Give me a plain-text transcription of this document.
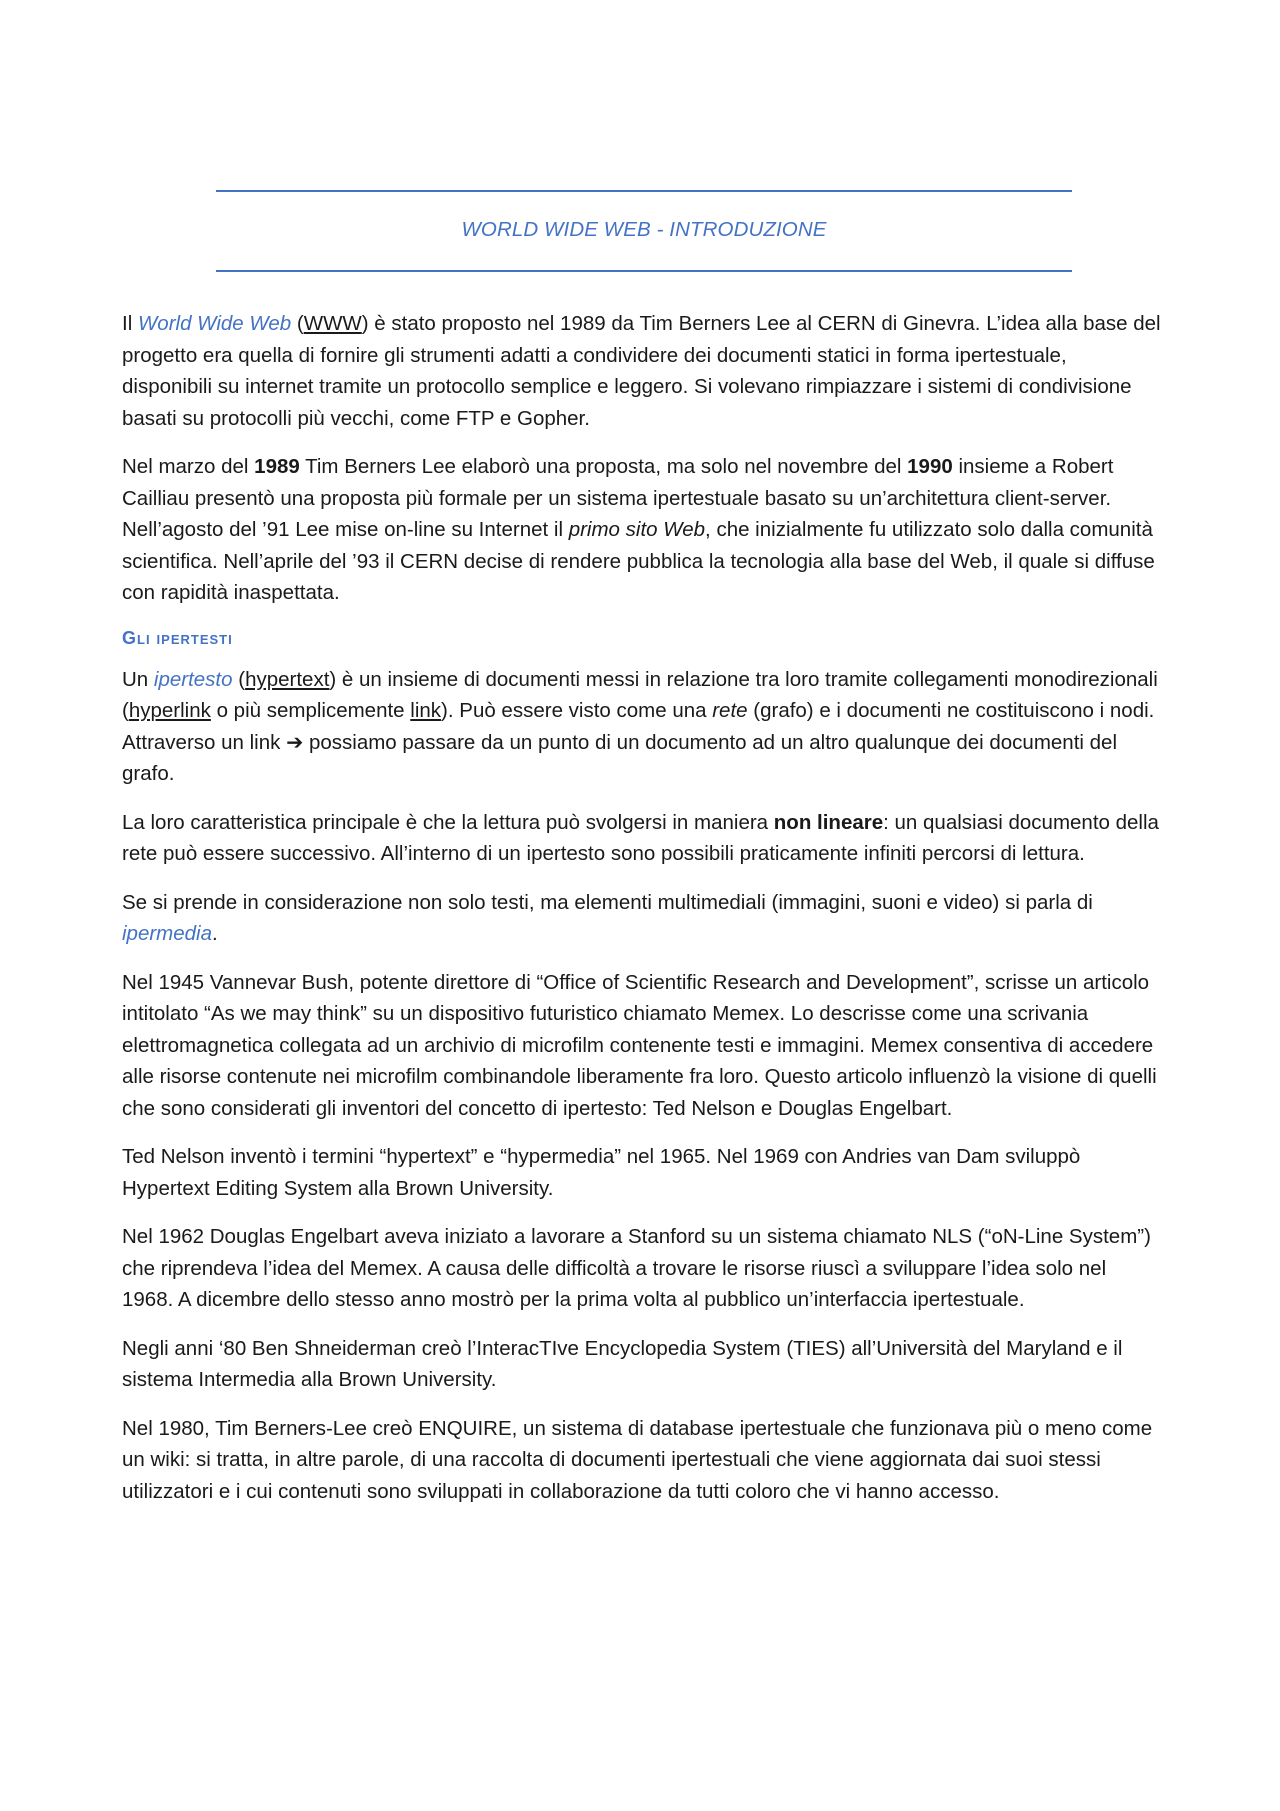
WORLD WIDE WEB - INTRODUZIONE

Il World Wide Web (WWW) è stato proposto nel 1989 da Tim Berners Lee al CERN di Ginevra. L’idea alla base del progetto era quella di fornire gli strumenti adatti a condividere dei documenti statici in forma ipertestuale, disponibili su internet tramite un protocollo semplice e leggero. Si volevano rimpiazzare i sistemi di condivisione basati su protocolli più vecchi, come FTP e Gopher.

Nel marzo del 1989 Tim Berners Lee elaborò una proposta, ma solo nel novembre del 1990 insieme a Robert Cailliau presentò una proposta più formale per un sistema ipertestuale basato su un’architettura client-server. Nell’agosto del ’91 Lee mise on-line su Internet il primo sito Web, che inizialmente fu utilizzato solo dalla comunità scientifica. Nell’aprile del ’93 il CERN decise di rendere pubblica la tecnologia alla base del Web, il quale si diffuse con rapidità inaspettata.

Gli ipertesti

Un ipertesto (hypertext) è un insieme di documenti messi in relazione tra loro tramite collegamenti monodirezionali (hyperlink o più semplicemente link). Può essere visto come una rete (grafo) e i documenti ne costituiscono i nodi. Attraverso un link ➔ possiamo passare da un punto di un documento ad un altro qualunque dei documenti del grafo.

La loro caratteristica principale è che la lettura può svolgersi in maniera non lineare: un qualsiasi documento della rete può essere successivo. All’interno di un ipertesto sono possibili praticamente infiniti percorsi di lettura.

Se si prende in considerazione non solo testi, ma elementi multimediali (immagini, suoni e video) si parla di ipermedia.

Nel 1945 Vannevar Bush, potente direttore di “Office of Scientific Research and Development”, scrisse un articolo intitolato “As we may think” su un dispositivo futuristico chiamato Memex. Lo descrisse come una scrivania elettromagnetica collegata ad un archivio di microfilm contenente testi e immagini. Memex consentiva di accedere alle risorse contenute nei microfilm combinandole liberamente fra loro. Questo articolo influenzò la visione di quelli che sono considerati gli inventori del concetto di ipertesto: Ted Nelson e Douglas Engelbart.

Ted Nelson inventò i termini “hypertext” e “hypermedia” nel 1965. Nel 1969 con Andries van Dam sviluppò Hypertext Editing System alla Brown University.

Nel 1962 Douglas Engelbart aveva iniziato a lavorare a Stanford su un sistema chiamato NLS (“oN-Line System”) che riprendeva l’idea del Memex. A causa delle difficoltà a trovare le risorse riuscì a sviluppare l’idea solo nel 1968. A dicembre dello stesso anno mostrò per la prima volta al pubblico un’interfaccia ipertestuale.

Negli anni ‘80 Ben Shneiderman creò l’InteracTIve Encyclopedia System (TIES) all’Università del Maryland e il sistema Intermedia alla Brown University.

Nel 1980, Tim Berners-Lee creò ENQUIRE, un sistema di database ipertestuale che funzionava più o meno come un wiki: si tratta, in altre parole, di una raccolta di documenti ipertestuali che viene aggiornata dai suoi stessi utilizzatori e i cui contenuti sono sviluppati in collaborazione da tutti coloro che vi hanno accesso.
